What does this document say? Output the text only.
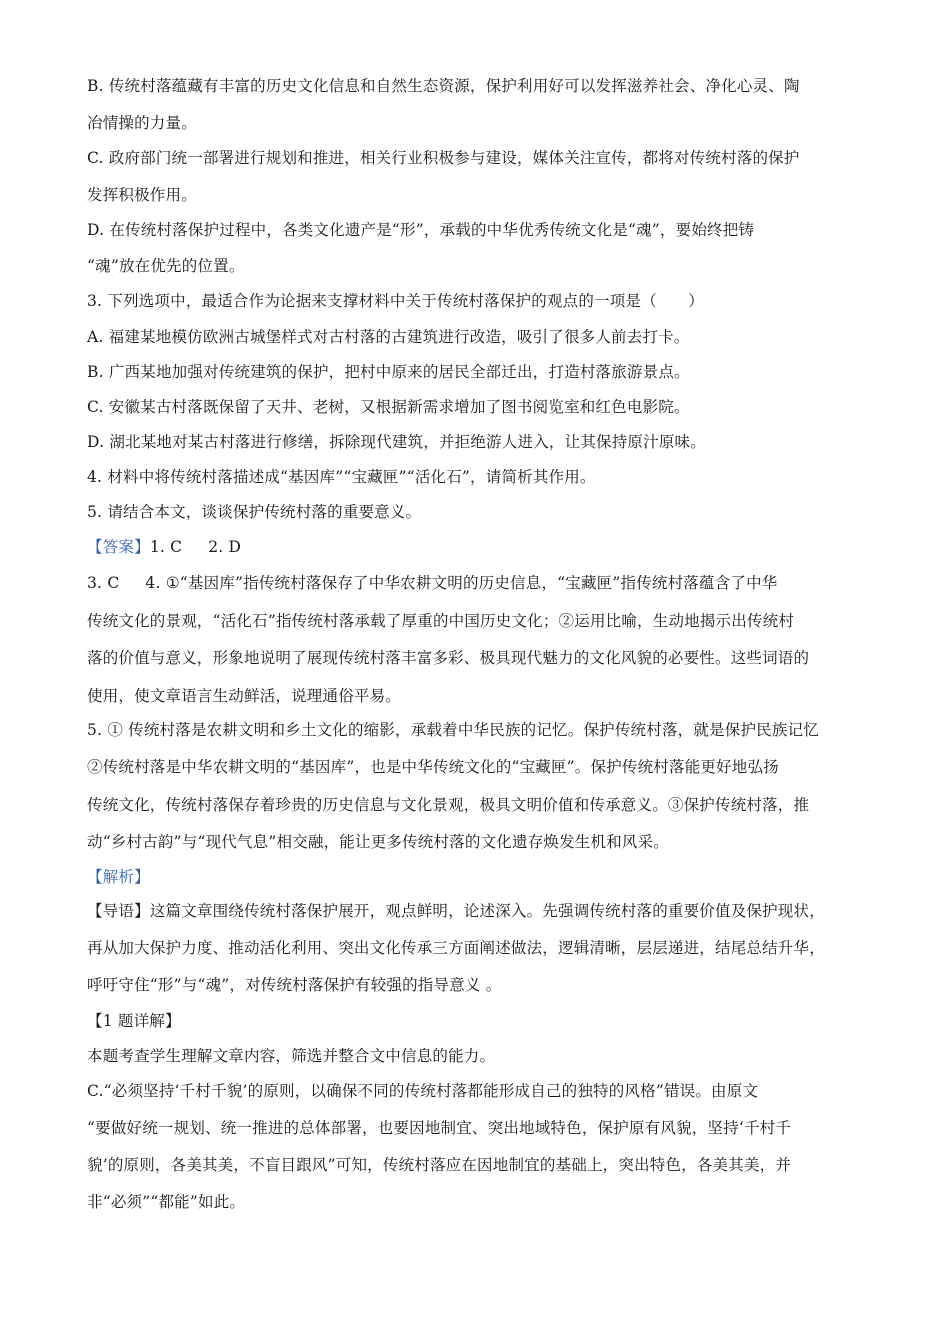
B. 传统村落蕴藏有丰富的历史文化信息和自然生态资源，保护利用好可以发挥滋养社会、净化心灵、陶
冶情操的力量。
C. 政府部门统一部署进行规划和推进，相关行业积极参与建设，媒体关注宣传，都将对传统村落的保护
发挥积极作用。
D. 在传统村落保护过程中，各类文化遗产是“形”，承载的中华优秀传统文化是“魂”，要始终把铸
“魂”放在优先的位置。
3. 下列选项中，最适合作为论据来支撑材料中关于传统村落保护的观点的一项是（　　）
A. 福建某地模仿欧洲古城堡样式对古村落的古建筑进行改造，吸引了很多人前去打卡。
B. 广西某地加强对传统建筑的保护，把村中原来的居民全部迁出，打造村落旅游景点。
C. 安徽某古村落既保留了天井、老树，又根据新需求增加了图书阅览室和红色电影院。
D. 湖北某地对某古村落进行修缮，拆除现代建筑，并拒绝游人进入，让其保持原汁原味。
4. 材料中将传统村落描述成“基因库”“宝藏匣”“活化石”，请简析其作用。
5. 请结合本文，谈谈保护传统村落的重要意义。
【答案】1. C 2. D
3. C 4. ①“基因库”指传统村落保存了中华农耕文明的历史信息，“宝藏匣”指传统村落蕴含了中华
传统文化的景观，“活化石”指传统村落承载了厚重的中国历史文化；②运用比喻，生动地揭示出传统村
落的价值与意义，形象地说明了展现传统村落丰富多彩、极具现代魅力的文化风貌的必要性。这些词语的
使用，使文章语言生动鲜活，说理通俗平易。
5. ① 传统村落是农耕文明和乡土文化的缩影，承载着中华民族的记忆。保护传统村落，就是保护民族记忆
②传统村落是中华农耕文明的“基因库”，也是中华传统文化的“宝藏匣”。保护传统村落能更好地弘扬
传统文化，传统村落保存着珍贵的历史信息与文化景观，极具文明价值和传承意义。③保护传统村落，推
动“乡村古韵”与“现代气息”相交融，能让更多传统村落的文化遗存焕发生机和风采。
【解析】
【导语】这篇文章围绕传统村落保护展开，观点鲜明，论述深入。先强调传统村落的重要价值及保护现状，
再从加大保护力度、推动活化利用、突出文化传承三方面阐述做法，逻辑清晰，层层递进，结尾总结升华，
呼吁守住“形”与“魂”，对传统村落保护有较强的指导意义 。
【1 题详解】
本题考查学生理解文章内容，筛选并整合文中信息的能力。
C.“必须坚持‘千村千貌’的原则，以确保不同的传统村落都能形成自己的独特的风格”错误。由原文
“要做好统一规划、统一推进的总体部署，也要因地制宜、突出地域特色，保护原有风貌，坚持‘千村千
貌’的原则，各美其美，不盲目跟风”可知，传统村落应在因地制宜的基础上，突出特色，各美其美，并
非“必须”“都能”如此。
